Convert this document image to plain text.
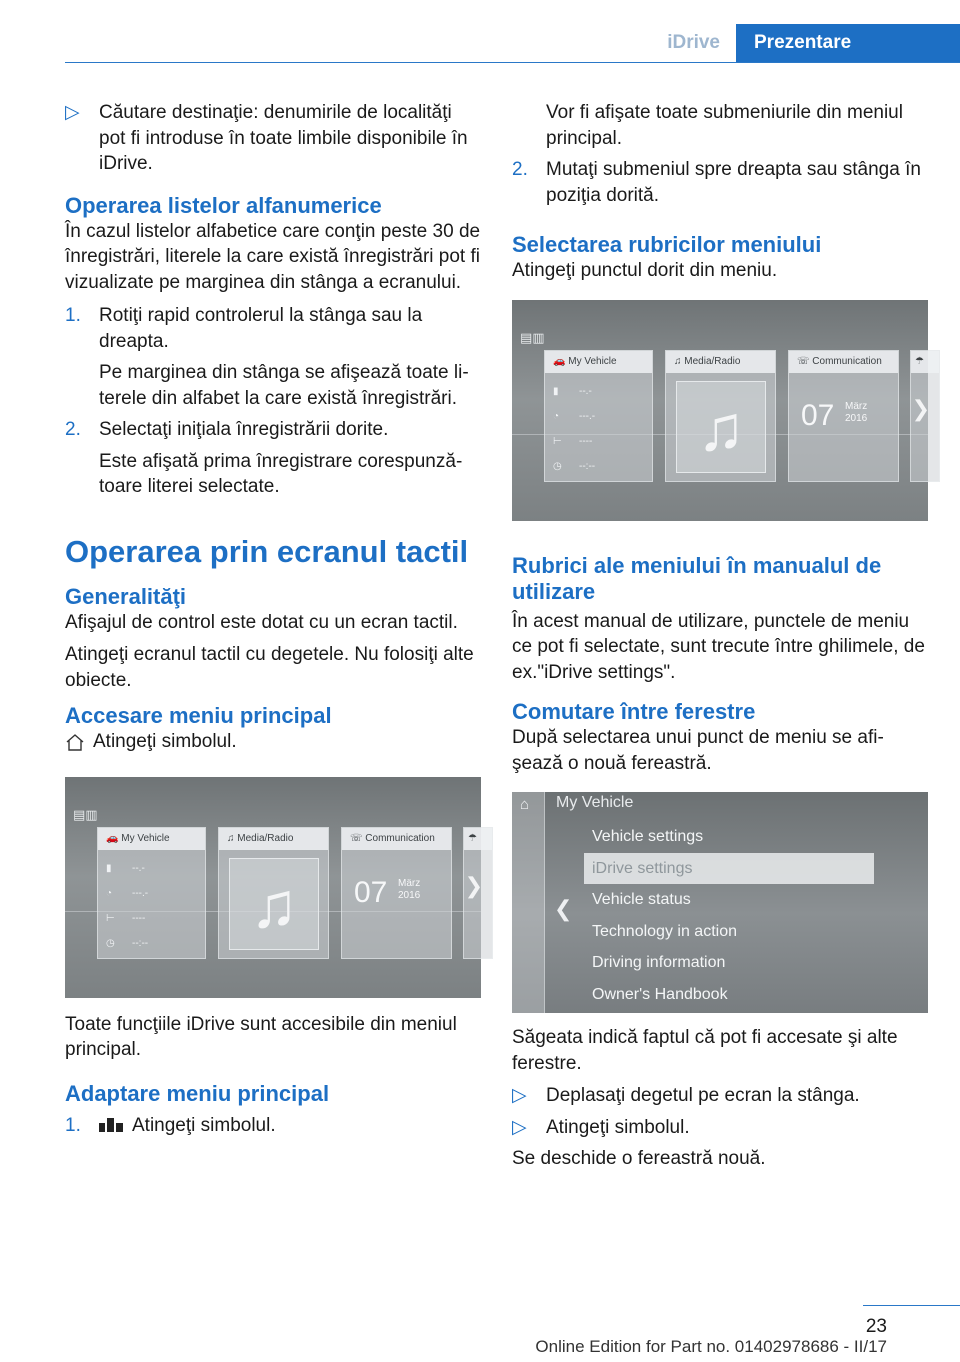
iDrive	Prezentare
▷	Căutare destinaţie: denumirile de localităţi pot fi introduse în toate limbile disponibile în iDrive.
Operarea listelor alfanumerice

În cazul listelor alfabetice care conţin peste 30 de înregistrări, literele la care există înregistrări pot fi vizualizate pe marginea din stânga a ecranului.

1. Rotiţi rapid controlerul la stânga sau la dreapta.
Pe marginea din stânga se afişează toate li‐terele din alfabet la care există înregistrări.
2. Selectaţi iniţiala înregistrării dorite.
Este afişată prima înregistrare corespunză‐toare literei selectate.
Operarea prin ecranul tactil
Generalităţi

Afişajul de control este dotat cu un ecran tactil.

Atingeţi ecranul tactil cu degetele. Nu folosiţi alte obiecte.

Accesare meniu principal
Atingeţi simbolul.
▤▥
🚗 My Vehicle
▮ --.-
◔ ---.-
⊢ ----
◷ --:--
♫ Media/Radio
♫
☏ Communication
07 März
2016
☂
❯

Toate funcţiile iDrive sunt accesibile din meniul principal.

Adaptare meniu principal
1.	Atingeţi simbolul.
Vor fi afişate toate submeniurile din meniul principal.
2. Mutaţi submeniul spre dreapta sau stânga în poziţia dorită.
Selectarea rubricilor meniului

Atingeţi punctul dorit din meniu.

▤▥
🚗 My Vehicle
▮ --.-
◔ ---.-
⊢ ----
◷ --:--
♫ Media/Radio
♫
☏ Communication
07 März
2016
☂
❯
Rubrici ale meniului în manualul de utilizare

În acest manual de utilizare, punctele de meniu ce pot fi selectate, sunt trecute între ghilimele, de ex."iDrive settings".

Comutare între ferestre

După selectarea unui punct de meniu se afi‐şează o nouă fereastră.

⌂ My Vehicle
❮
Vehicle settings
iDrive settings
Vehicle status
Technology in action
Driving information
Owner's Handbook

Săgeata indică faptul că pot fi accesate şi alte ferestre.

▷	Deplasaţi degetul pe ecran la stânga.
▷	Atingeţi simbolul.

Se deschide o fereastră nouă.

23
Online Edition for Part no. 01402978686 - II/17
